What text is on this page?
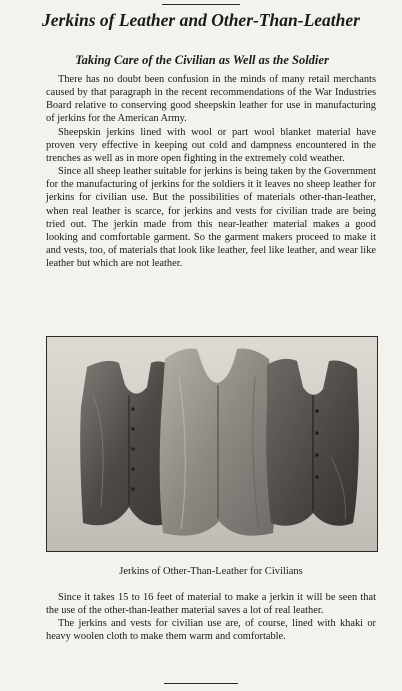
Jerkins of Leather and Other-Than-Leather
Taking Care of the Civilian as Well as the Soldier

There has no doubt been confusion in the minds of many retail merchants caused by that paragraph in the recent recommendations of the War Industries Board relative to conserving good sheepskin leather for use in manufacturing of jerkins for the American Army.

Sheepskin jerkins lined with wool or part wool blanket material have proven very effective in keeping out cold and dampness encountered in the trenches as well as in more open fighting in the extremely cold weather.

Since all sheep leather suitable for jerkins is being taken by the Government for the manufacturing of jerkins for the soldiers it it leaves no sheep leather for jerkins for civilian use. But the possibilities of materials other-than-leather, when real leather is scarce, for jerkins and vests for civilian trade are being tried out. The jerkin made from this near-leather material makes a good looking and comfortable garment. So the garment makers proceed to make it and vests, too, of materials that look like leather, feel like leather, and wear like leather but which are not leather.

Jerkins of Other-Than-Leather for Civilians

Since it takes 15 to 16 feet of material to make a jerkin it will be seen that the use of the other-than-leather material saves a lot of real leather.

The jerkins and vests for civilian use are, of course, lined with khaki or heavy woolen cloth to make them warm and comfortable.
